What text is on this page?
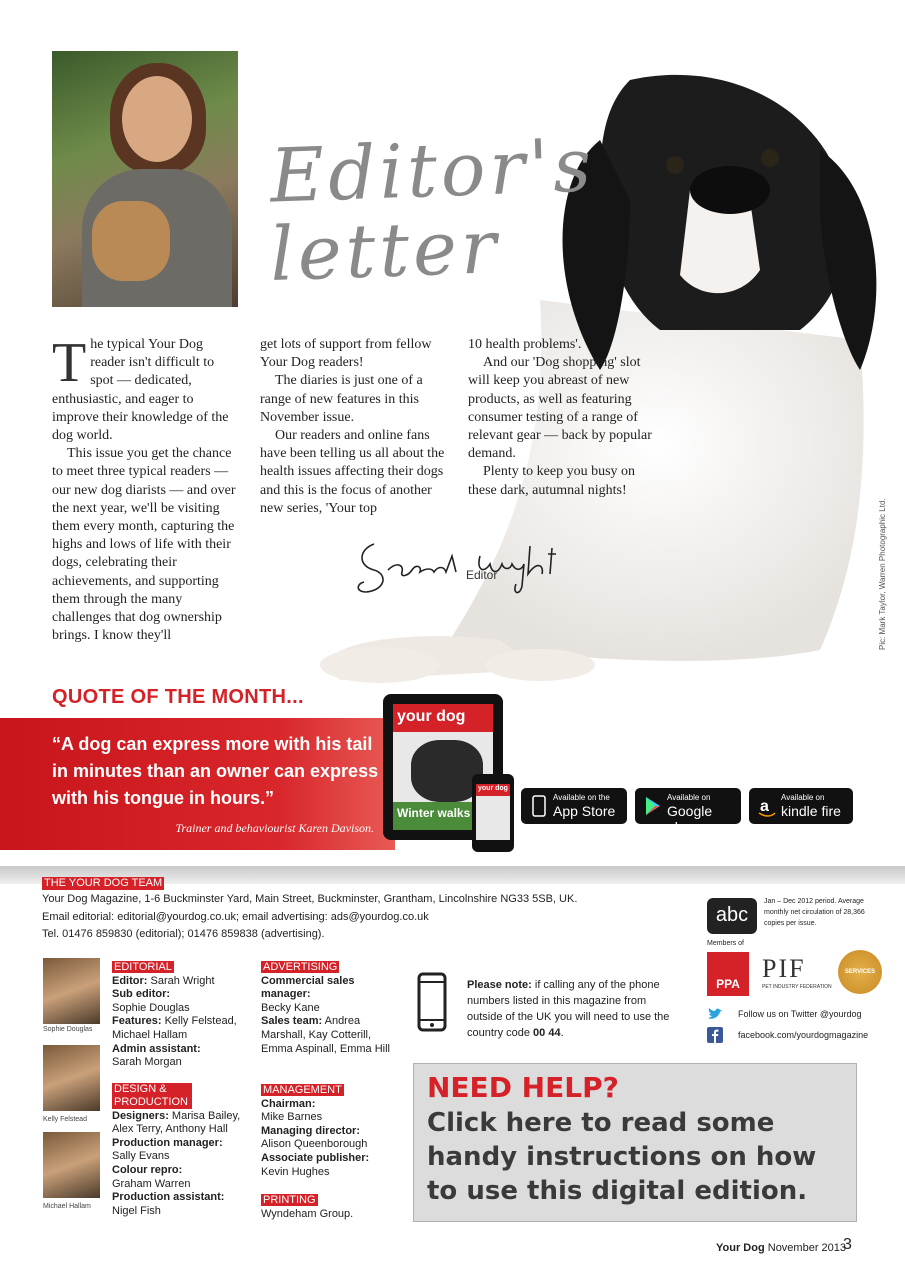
Editor's
letter

The typical Your Dog reader isn't difficult to spot — dedicated, enthusiastic, and eager to improve their knowledge of the dog world.

This issue you get the chance to meet three typical readers — our new dog diarists — and over the next year, we'll be visiting them every month, capturing the highs and lows of life with their dogs, celebrating their achievements, and supporting them through the many challenges that dog ownership brings. I know they'll

get lots of support from fellow Your Dog readers!

The diaries is just one of a range of new features in this November issue.

Our readers and online fans have been telling us all about the health issues affecting their dogs and this is the focus of another new series, 'Your top

10 health problems'.

And our 'Dog shopping' slot will keep you abreast of new products, as well as featuring consumer testing of a range of relevant gear — back by popular demand.

Plenty to keep you busy on these dark, autumnal nights!

Editor	Pic: Mark Taylor, Warren Photographic Ltd.
QUOTE OF THE MONTH...
“A dog can express more with his tail in minutes than an owner can express with his tongue in hours.”
Trainer and behaviourist Karen Davison.
your dog
Winter walks
your dog
Available on the
App Store
Available on
Google play
a
Available on
kindle fire
THE YOUR DOG TEAM
Your Dog Magazine, 1-6 Buckminster Yard, Main Street, Buckminster, Grantham, Lincolnshire NG33 5SB, UK.
Email editorial: editorial@yourdog.co.uk; email advertising: ads@yourdog.co.uk
Tel. 01476 859830 (editorial); 01476 859838 (advertising).
Sophie Douglas
Kelly Felstead
Michael Hallam
EDITORIAL
Editor: Sarah Wright
Sub editor:
Sophie Douglas
Features: Kelly Felstead, Michael Hallam
Admin assistant:
Sarah Morgan
DESIGN & PRODUCTION
Designers: Marisa Bailey, Alex Terry, Anthony Hall
Production manager:
Sally Evans
Colour repro:
Graham Warren
Production assistant:
Nigel Fish
ADVERTISING
Commercial sales manager:
Becky Kane
Sales team: Andrea Marshall, Kay Cotterill, Emma Aspinall, Emma Hill
MANAGEMENT
Chairman:
Mike Barnes
Managing director:
Alison Queenborough
Associate publisher:
Kevin Hughes
PRINTING
Wyndeham Group.
Please note: if calling any of the phone numbers listed in this magazine from outside of the UK you will need to use the country code 00 44.
abc
Jan – Dec 2012 period. Average monthly net circulation of 28,366 copies per issue.
Members of
PPA
PIF
PET INDUSTRY FEDERATION
SERVICES
Follow us on Twitter @yourdog
facebook.com/yourdogmagazine
NEED HELP?
Click here to read some handy instructions on how to use this digital edition.
Your Dog November 2013
3
